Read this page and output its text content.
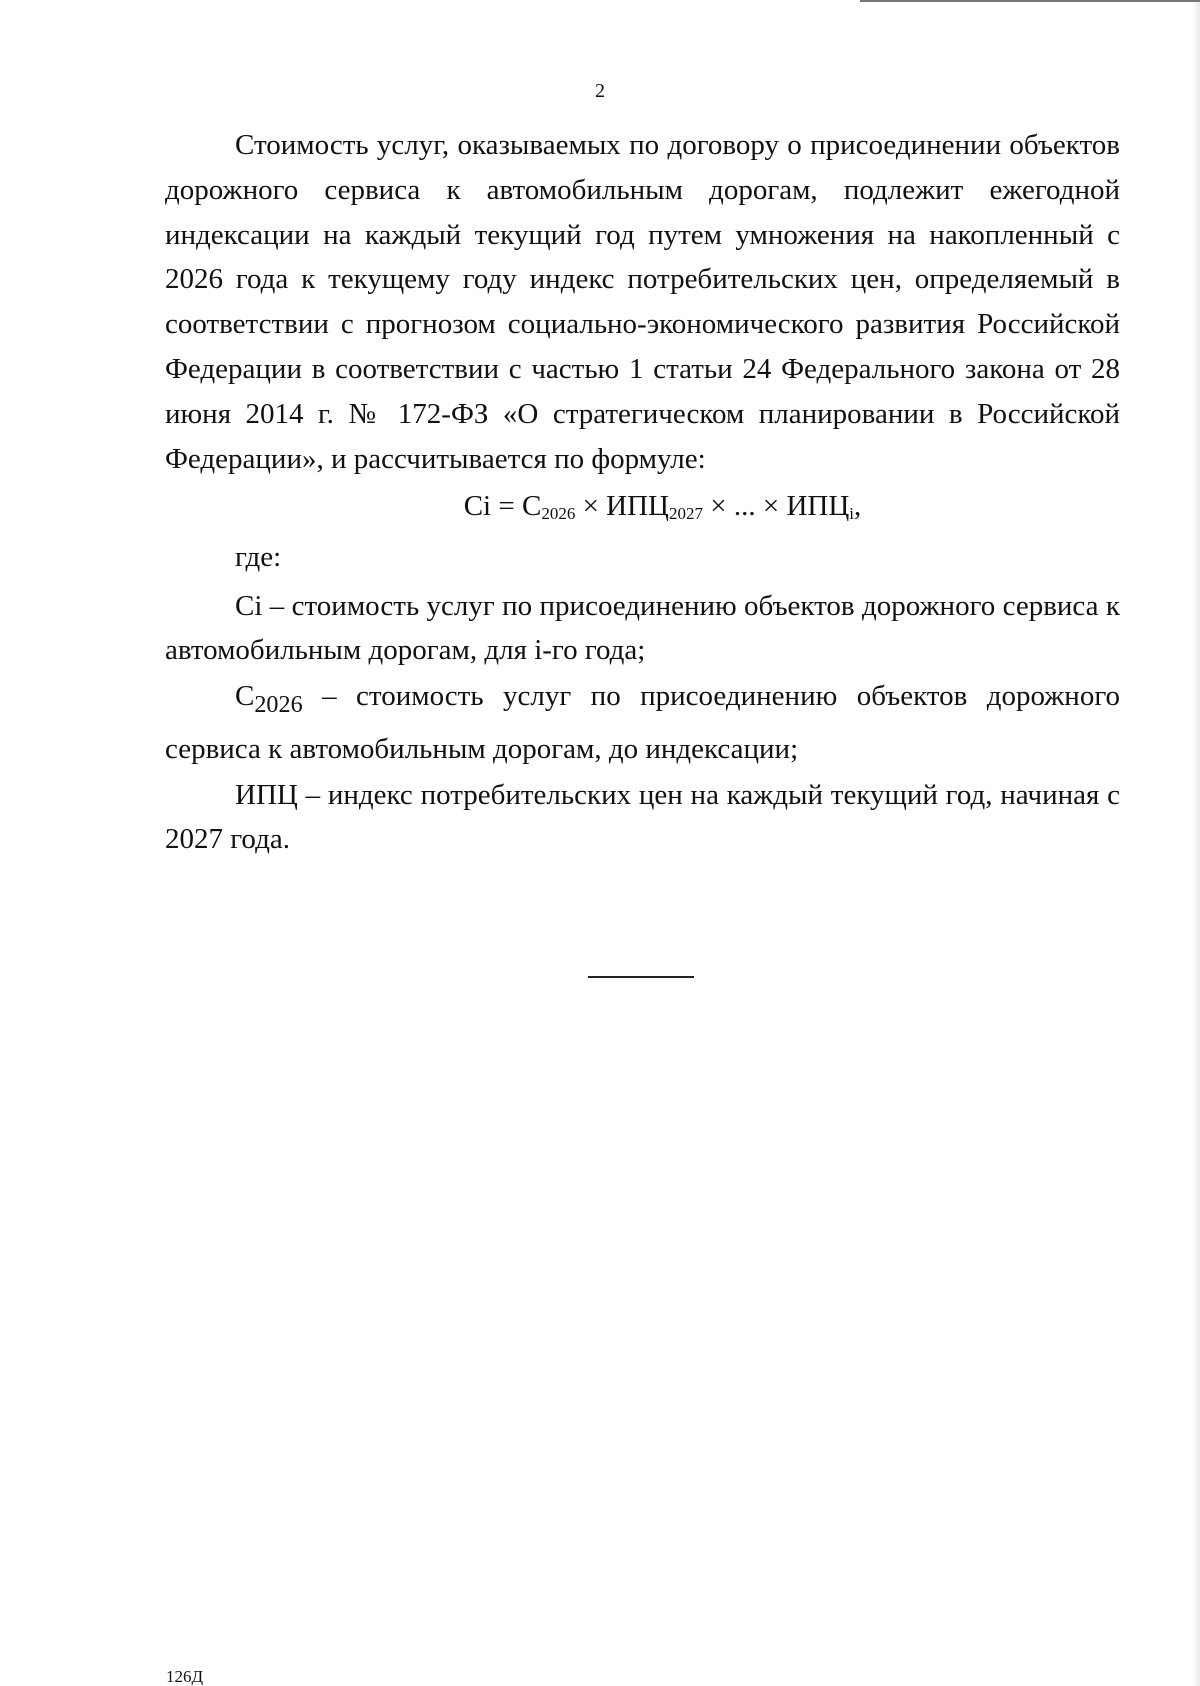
2

Стоимость услуг, оказываемых по договору о присоединении объектов дорожного сервиса к автомобильным дорогам, подлежит ежегодной индексации на каждый текущий год путем умножения на накопленный с 2026 года к текущему году индекс потребительских цен, определяемый в соответствии с прогнозом социально-экономического развития Российской Федерации в соответствии с частью 1 статьи 24 Федерального закона от 28 июня 2014 г. № 172-ФЗ «О стратегическом планировании в Российской Федерации», и рассчитывается по формуле:

$Ci = C_{2026} \times ИПЦ_{2027}$ × ... × $ИПЦ_i$,

где:

Ci – стоимость услуг по присоединению объектов дорожного сервиса к автомобильным дорогам, для i-го года;

$C_{2026}$ – стоимость услуг по присоединению объектов дорожного сервиса к автомобильным дорогам, до индексации;

ИПЦ – индекс потребительских цен на каждый текущий год, начиная с 2027 года.

126Д
